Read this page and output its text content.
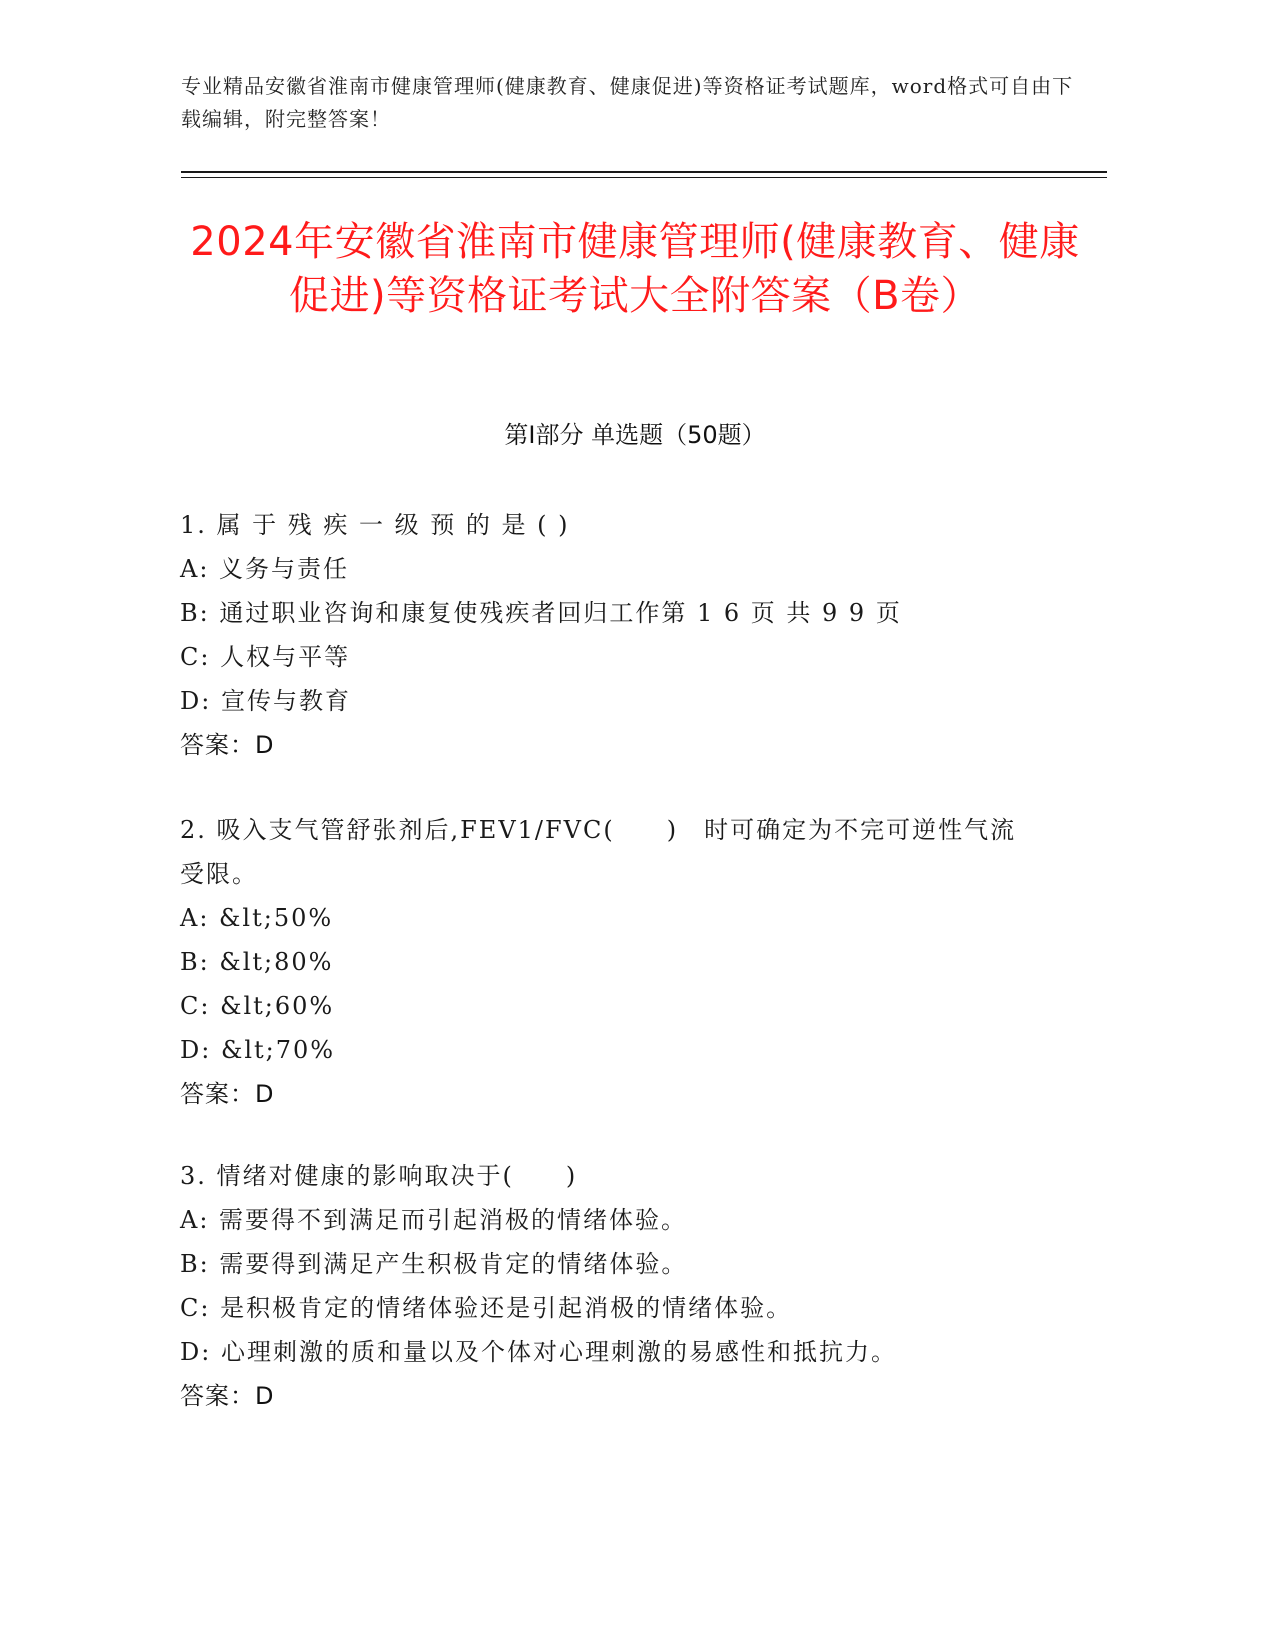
专业精品安徽省淮南市健康管理师(健康教育、健康促进)等资格证考试题库，word格式可自由下载编辑，附完整答案！
2024年安徽省淮南市健康管理师(健康教育、健康促进)等资格证考试大全附答案（B卷）
第Ⅰ部分 单选题（50题）
1. 属 于 残 疾 一 级 预 的 是 ( )
A: 义务与责任
B: 通过职业咨询和康复使残疾者回归工作第 1 6 页 共 9 9 页
C: 人权与平等
D: 宣传与教育
答案：D
2. 吸入支气管舒张剂后,FEV1/FVC(　　)　时可确定为不完可逆性气流受限。
A: &lt;50%
B: &lt;80%
C: &lt;60%
D: &lt;70%
答案：D
3. 情绪对健康的影响取决于(　　)
A: 需要得不到满足而引起消极的情绪体验。
B: 需要得到满足产生积极肯定的情绪体验。
C: 是积极肯定的情绪体验还是引起消极的情绪体验。
D: 心理刺激的质和量以及个体对心理刺激的易感性和抵抗力。
答案：D
